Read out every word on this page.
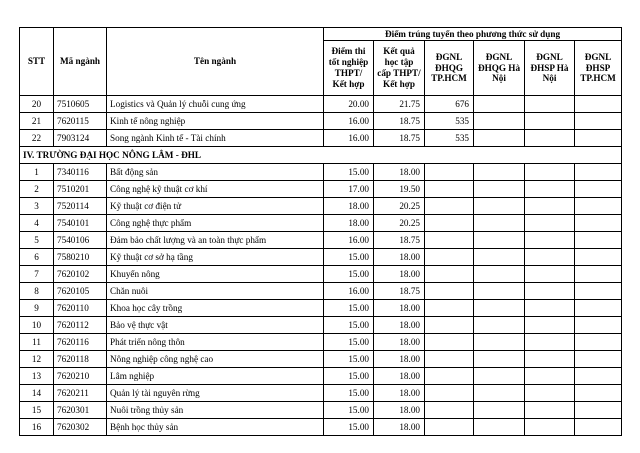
STT	Mã ngành	Tên ngành	Điểm trúng tuyển theo phương thức sử dụng					
			Điểm thi tốt nghiệp THPT/ Kết hợp	Kết quả học tập cấp THPT/ Kết hợp	ĐGNL ĐHQG TP.HCM	ĐGNL ĐHQG Hà Nội	ĐGNL ĐHSP Hà Nội	ĐGNL ĐHSP TP.HCM
20	7510605	Logistics và Quản lý chuỗi cung ứng	20.00	21.75	676			
21	7620115	Kinh tế nông nghiệp	16.00	18.75	535			
22	7903124	Song ngành Kinh tế - Tài chính	16.00	18.75	535			
IV. TRƯỜNG ĐẠI HỌC NÔNG LÂM - ĐHL								
1	7340116	Bất động sản	15.00	18.00				
2	7510201	Công nghệ kỹ thuật cơ khí	17.00	19.50				
3	7520114	Kỹ thuật cơ điện tử	18.00	20.25				
4	7540101	Công nghệ thực phẩm	18.00	20.25				
5	7540106	Đảm bảo chất lượng và an toàn thực phẩm	16.00	18.75				
6	7580210	Kỹ thuật cơ sở hạ tầng	15.00	18.00				
7	7620102	Khuyến nông	15.00	18.00				
8	7620105	Chăn nuôi	16.00	18.75				
9	7620110	Khoa học cây trồng	15.00	18.00				
10	7620112	Bảo vệ thực vật	15.00	18.00				
11	7620116	Phát triển nông thôn	15.00	18.00				
12	7620118	Nông nghiệp công nghệ cao	15.00	18.00				
13	7620210	Lâm nghiệp	15.00	18.00				
14	7620211	Quản lý tài nguyên rừng	15.00	18.00				
15	7620301	Nuôi trồng thủy sản	15.00	18.00				
16	7620302	Bệnh học thủy sản	15.00	18.00				
